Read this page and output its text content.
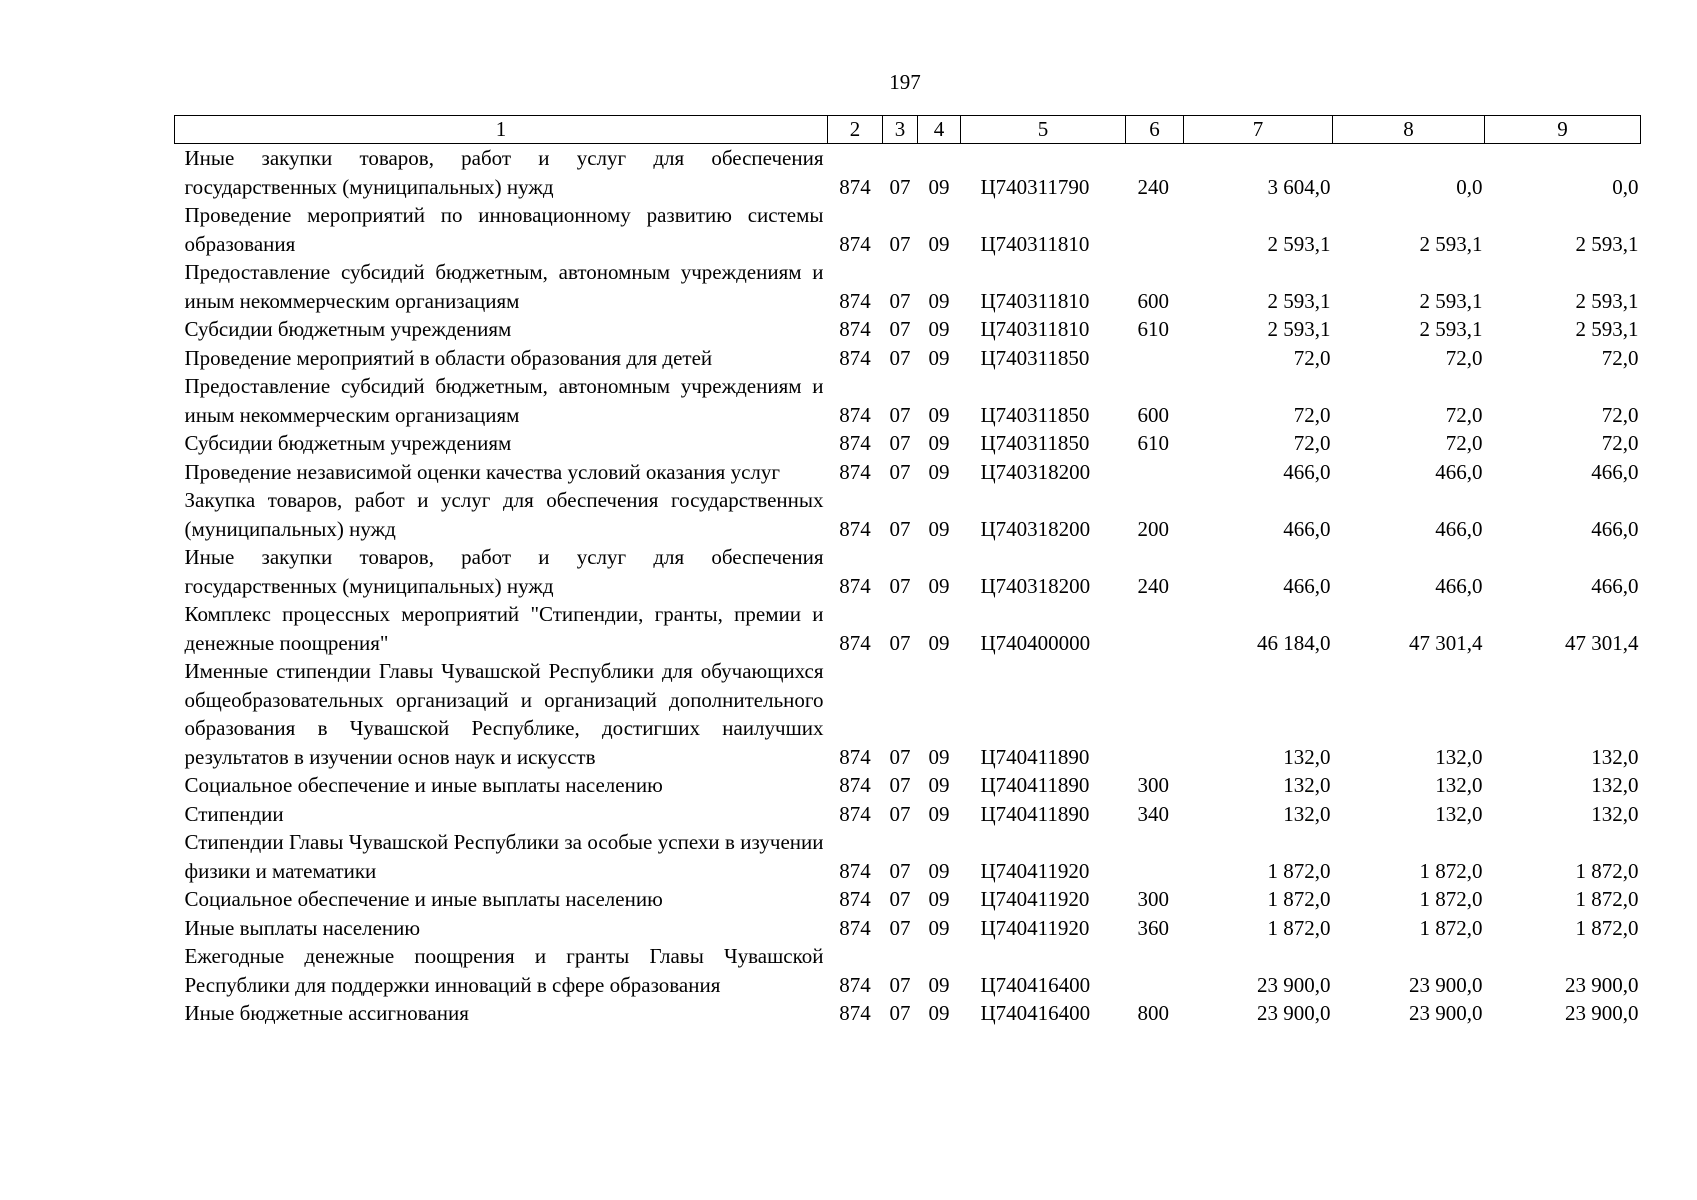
197
1	2	3	4	5	6	7	8	9
Иные закупки товаров, работ и услуг для обеспечения государственных (муниципальных) нужд	874	07	09	Ц740311790	240	3 604,0	0,0	0,0
Проведение мероприятий по инновационному развитию системы образования	874	07	09	Ц740311810		2 593,1	2 593,1	2 593,1
Предоставление субсидий бюджетным, автономным учреждениям и иным некоммерческим организациям	874	07	09	Ц740311810	600	2 593,1	2 593,1	2 593,1
Субсидии бюджетным учреждениям	874	07	09	Ц740311810	610	2 593,1	2 593,1	2 593,1
Проведение мероприятий в области образования для детей	874	07	09	Ц740311850		72,0	72,0	72,0
Предоставление субсидий бюджетным, автономным учреждениям и иным некоммерческим организациям	874	07	09	Ц740311850	600	72,0	72,0	72,0
Субсидии бюджетным учреждениям	874	07	09	Ц740311850	610	72,0	72,0	72,0
Проведение независимой оценки качества условий оказания услуг	874	07	09	Ц740318200		466,0	466,0	466,0
Закупка товаров, работ и услуг для обеспечения государственных (муниципальных) нужд	874	07	09	Ц740318200	200	466,0	466,0	466,0
Иные закупки товаров, работ и услуг для обеспечения государственных (муниципальных) нужд	874	07	09	Ц740318200	240	466,0	466,0	466,0
Комплекс процессных мероприятий "Стипендии, гранты, премии и денежные поощрения"	874	07	09	Ц740400000		46 184,0	47 301,4	47 301,4
Именные стипендии Главы Чувашской Республики для обучающихся общеобразовательных организаций и организаций дополнительного образования в Чувашской Республике, достигших наилучших результатов в изучении основ наук и искусств	874	07	09	Ц740411890		132,0	132,0	132,0
Социальное обеспечение и иные выплаты населению	874	07	09	Ц740411890	300	132,0	132,0	132,0
Стипендии	874	07	09	Ц740411890	340	132,0	132,0	132,0
Стипендии Главы Чувашской Республики за особые успехи в изучении физики и математики	874	07	09	Ц740411920		1 872,0	1 872,0	1 872,0
Социальное обеспечение и иные выплаты населению	874	07	09	Ц740411920	300	1 872,0	1 872,0	1 872,0
Иные выплаты населению	874	07	09	Ц740411920	360	1 872,0	1 872,0	1 872,0
Ежегодные денежные поощрения и гранты Главы Чувашской Республики для поддержки инноваций в сфере образования	874	07	09	Ц740416400		23 900,0	23 900,0	23 900,0
Иные бюджетные ассигнования	874	07	09	Ц740416400	800	23 900,0	23 900,0	23 900,0
